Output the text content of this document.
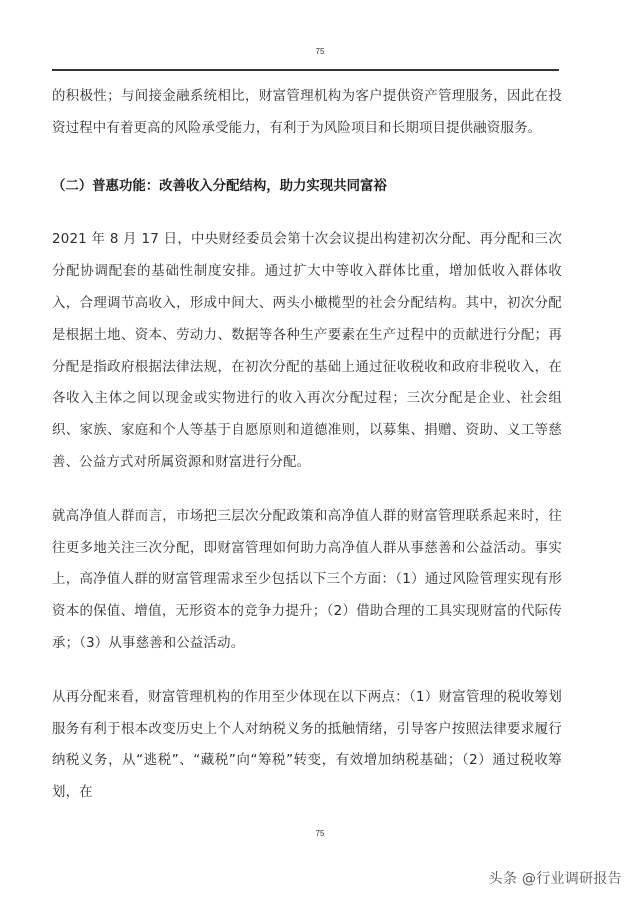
75

的积极性；与间接金融系统相比，财富管理机构为客户提供资产管理服务，因此在投资过程中有着更高的风险承受能力，有利于为风险项目和长期项目提供融资服务。

（二）普惠功能：改善收入分配结构，助力实现共同富裕

2021 年 8 月 17 日，中央财经委员会第十次会议提出构建初次分配、再分配和三次分配协调配套的基础性制度安排。通过扩大中等收入群体比重，增加低收入群体收入，合理调节高收入，形成中间大、两头小橄榄型的社会分配结构。其中，初次分配是根据土地、资本、劳动力、数据等各种生产要素在生产过程中的贡献进行分配；再分配是指政府根据法律法规，在初次分配的基础上通过征收税收和政府非税收入，在各收入主体之间以现金或实物进行的收入再次分配过程；三次分配是企业、社会组织、家族、家庭和个人等基于自愿原则和道德准则，以募集、捐赠、资助、义工等慈善、公益方式对所属资源和财富进行分配。

就高净值人群而言，市场把三层次分配政策和高净值人群的财富管理联系起来时，往往更多地关注三次分配，即财富管理如何助力高净值人群从事慈善和公益活动。事实上，高净值人群的财富管理需求至少包括以下三个方面：（1）通过风险管理实现有形资本的保值、增值，无形资本的竞争力提升；（2）借助合理的工具实现财富的代际传承；（3）从事慈善和公益活动。

从再分配来看，财富管理机构的作用至少体现在以下两点：（1）财富管理的税收筹划服务有利于根本改变历史上个人对纳税义务的抵触情绪，引导客户按照法律要求履行纳税义务，从“逃税”、“藏税”向“筹税”转变，有效增加纳税基础；（2）通过税收筹划，在

75
头条 @行业调研报告
